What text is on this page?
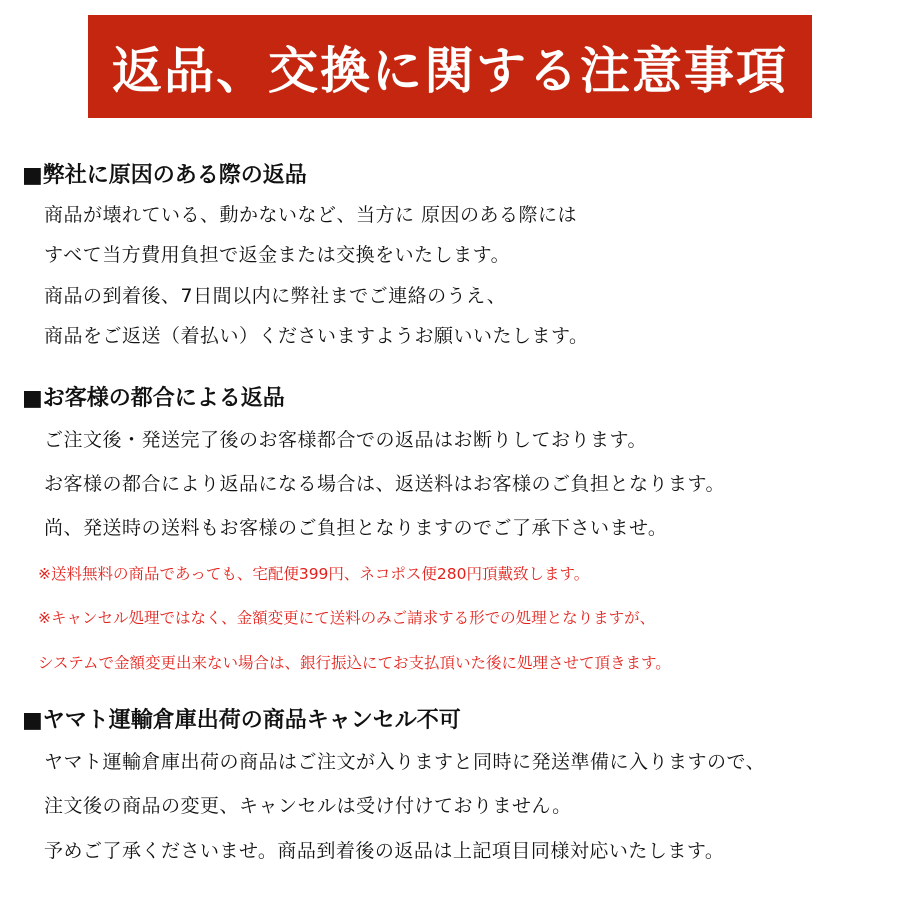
返品、交換に関する注意事項
■弊社に原因のある際の返品
商品が壊れている、動かないなど、当方に 原因のある際には
すべて当方費用負担で返金または交換をいたします。
商品の到着後、7日間以内に弊社までご連絡のうえ、
商品をご返送（着払い）くださいますようお願いいたします。
■お客様の都合による返品
ご注文後・発送完了後のお客様都合での返品はお断りしております。
お客様の都合により返品になる場合は、返送料はお客様のご負担となります。
尚、発送時の送料もお客様のご負担となりますのでご了承下さいませ。
※送料無料の商品であっても、宅配便399円、ネコポス便280円頂戴致します。
※キャンセル処理ではなく、金額変更にて送料のみご請求する形での処理となりますが、
システムで金額変更出来ない場合は、銀行振込にてお支払頂いた後に処理させて頂きます。
■ヤマト運輸倉庫出荷の商品キャンセル不可
ヤマト運輸倉庫出荷の商品はご注文が入りますと同時に発送準備に入りますので、
注文後の商品の変更、キャンセルは受け付けておりません。
予めご了承くださいませ。商品到着後の返品は上記項目同様対応いたします。
